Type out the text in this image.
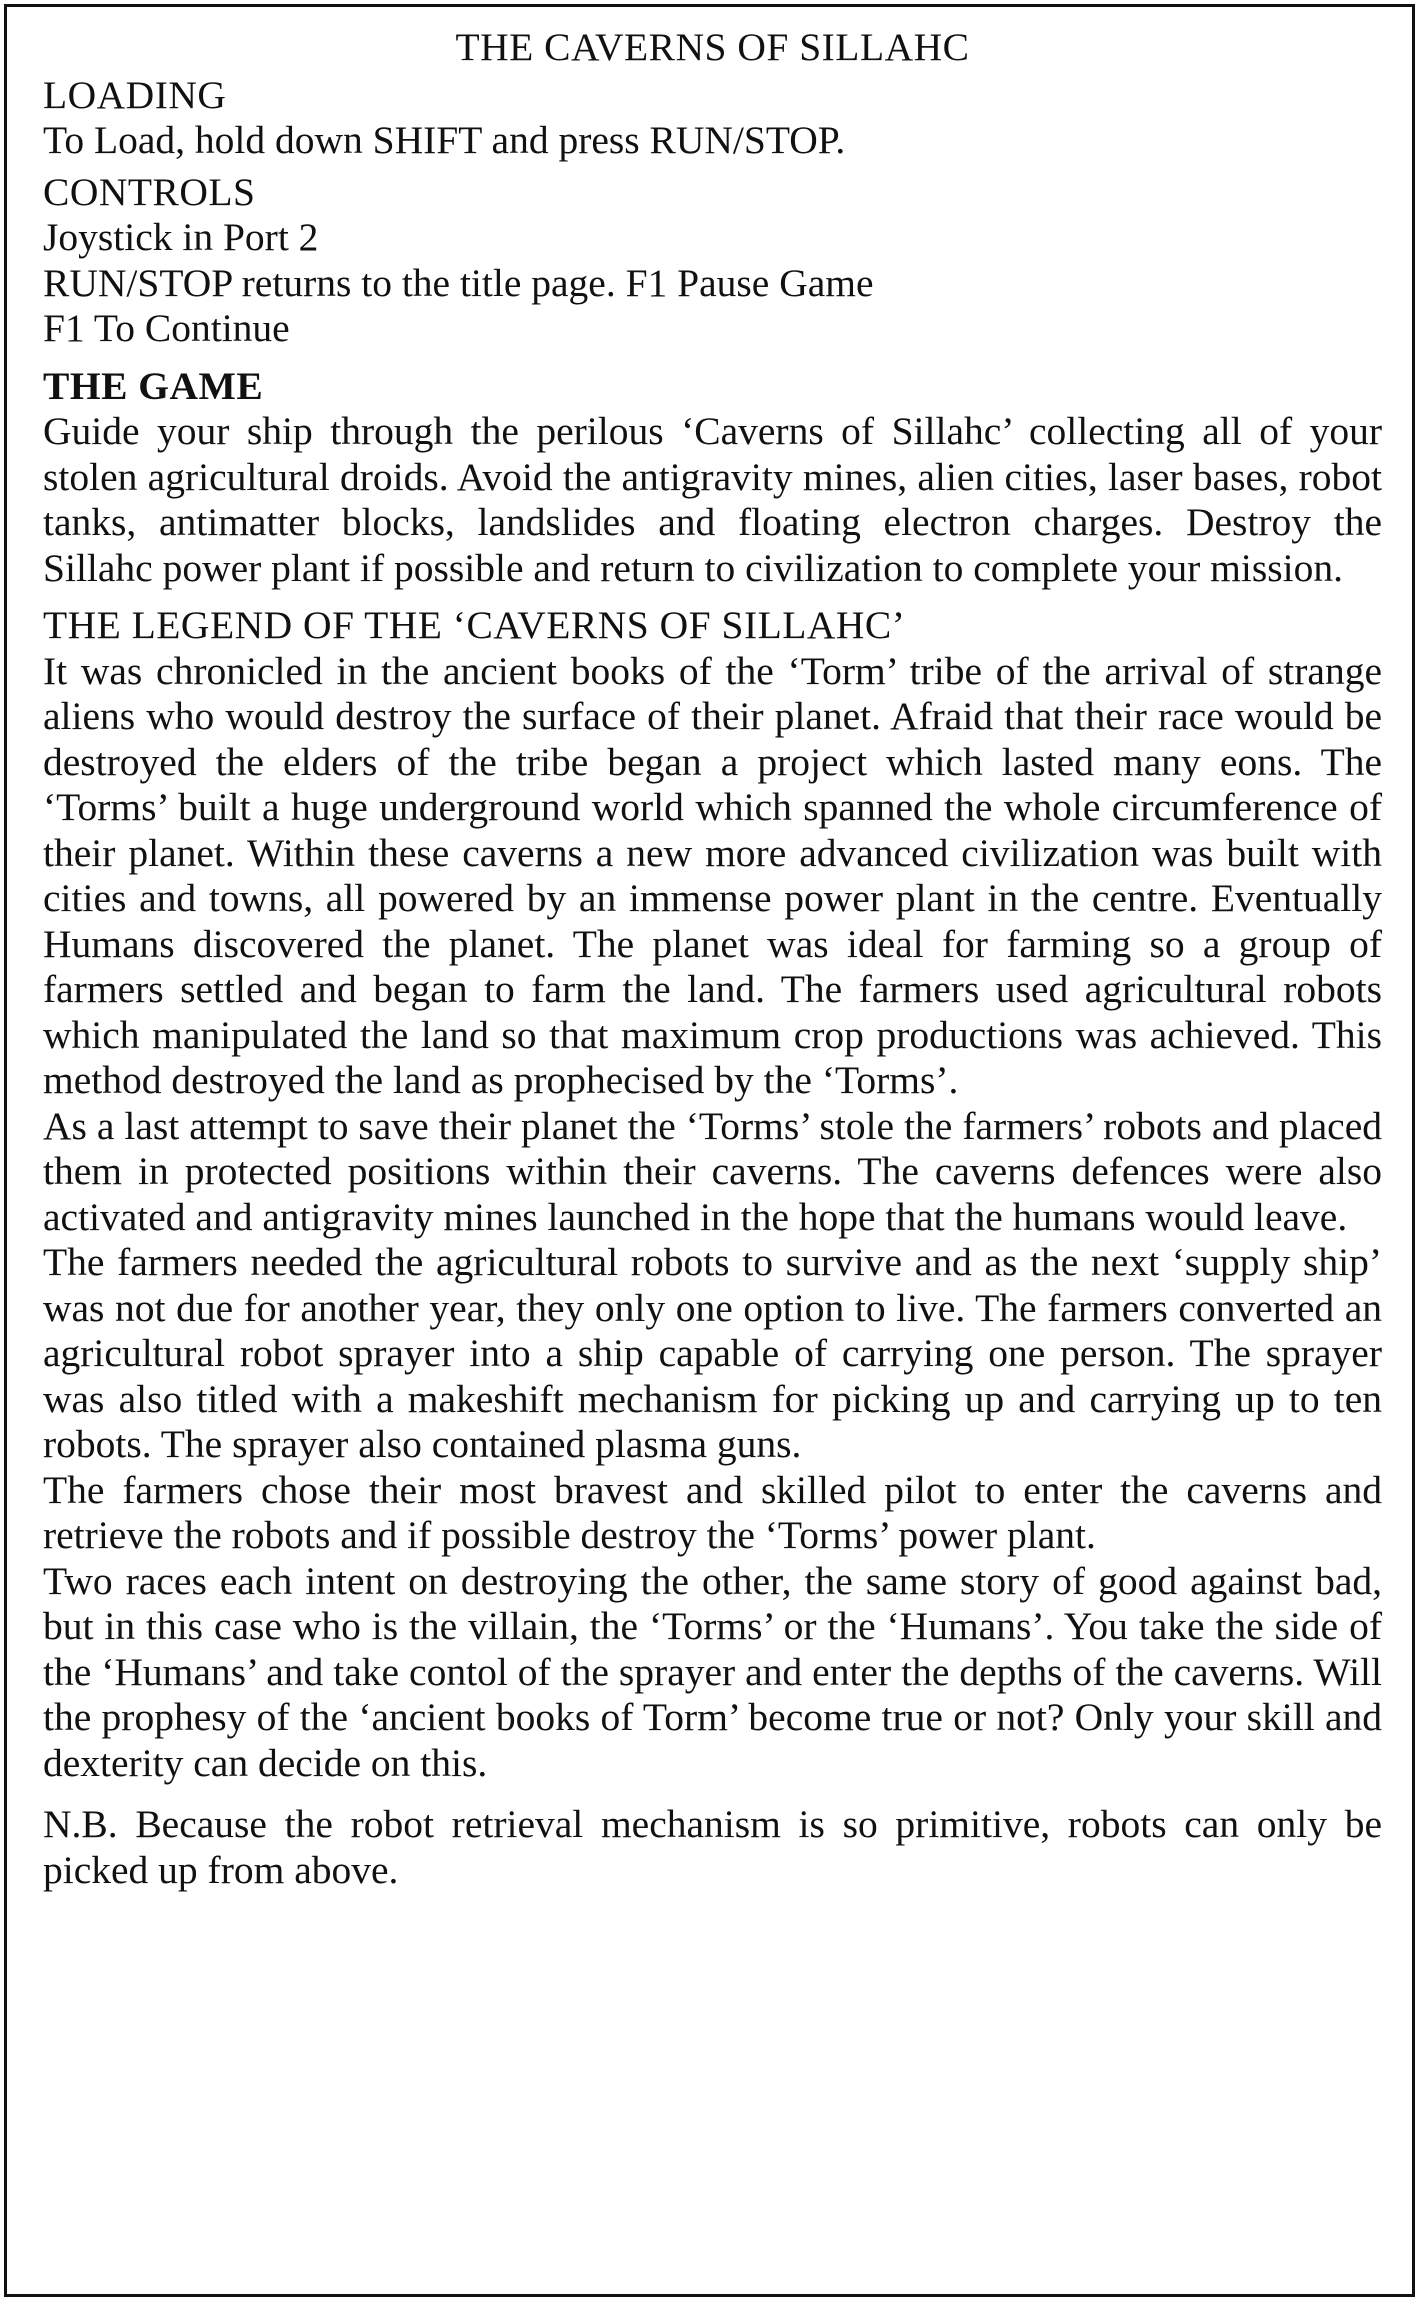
THE CAVERNS OF SILLAHC
LOADING
To Load, hold down SHIFT and press RUN/STOP.
CONTROLS
Joystick in Port 2
RUN/STOP returns to the title page. F1 Pause Game
F1 To Continue
THE GAME
Guide your ship through the perilous ‘Caverns of Sillahc’ collecting all of your stolen agricultural droids. Avoid the antigravity mines, alien cities, laser bases, robot tanks, antimatter blocks, landslides and floating electron charges. Destroy the Sillahc power plant if possible and return to civilization to complete your mission.
THE LEGEND OF THE ‘CAVERNS OF SILLAHC’
It was chronicled in the ancient books of the ‘Torm’ tribe of the arrival of strange aliens who would destroy the surface of their planet. Afraid that their race would be destroyed the elders of the tribe began a project which lasted many eons. The ‘Torms’ built a huge underground world which spanned the whole circumference of their planet. Within these caverns a new more advanced civilization was built with cities and towns, all powered by an immense power plant in the centre. Eventually Humans discovered the planet. The planet was ideal for farming so a group of farmers settled and began to farm the land. The farmers used agricultural robots which manipulated the land so that maximum crop productions was achieved. This method destroyed the land as prophecised by the ‘Torms’.
As a last attempt to save their planet the ‘Torms’ stole the farmers’ robots and placed them in protected positions within their caverns. The caverns defences were also activated and antigravity mines launched in the hope that the humans would leave.
The farmers needed the agricultural robots to survive and as the next ‘supply ship’ was not due for another year, they only one option to live. The farmers converted an agricultural robot sprayer into a ship capable of carrying one person. The sprayer was also titled with a makeshift mechanism for picking up and carrying up to ten robots. The sprayer also contained plasma guns.
The farmers chose their most bravest and skilled pilot to enter the caverns and retrieve the robots and if possible destroy the ‘Torms’ power plant.
Two races each intent on destroying the other, the same story of good against bad, but in this case who is the villain, the ‘Torms’ or the ‘Humans’. You take the side of the ‘Humans’ and take contol of the sprayer and enter the depths of the caverns. Will the prophesy of the ‘ancient books of Torm’ become true or not? Only your skill and dexterity can decide on this.
N.B. Because the robot retrieval mechanism is so primitive, robots can only be picked up from above.
